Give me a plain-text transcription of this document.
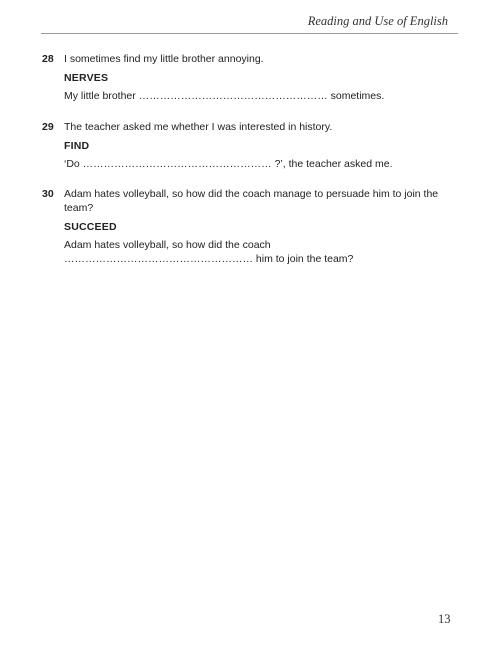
Reading and Use of English
28 I sometimes find my little brother annoying.

NERVES
My little brother ……………………………………………… sometimes.
29 The teacher asked me whether I was interested in history.

FIND
‘Do ……………………………………………… ?’, the teacher asked me.
30 Adam hates volleyball, so how did the coach manage to persuade him to join the team?

SUCCEED
Adam hates volleyball, so how did the coach ……………………………………………… him to join the team?
13
